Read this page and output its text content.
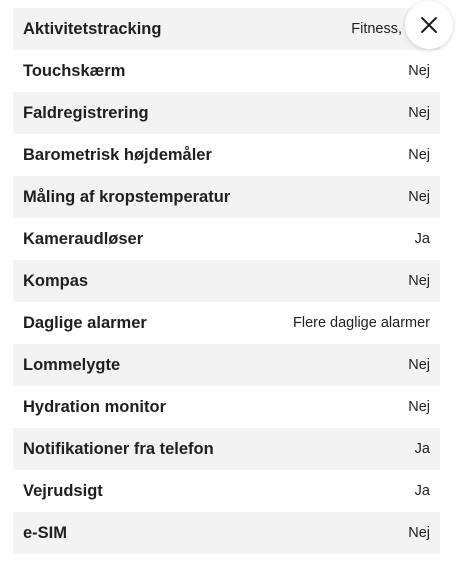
Aktivitetstracking	Fitness,
Touchskærm	Nej
Faldregistrering	Nej
Barometrisk højdemåler	Nej
Måling af kropstemperatur	Nej
Kameraudløser	Ja
Kompas	Nej
Daglige alarmer	Flere daglige alarmer
Lommelygte	Nej
Hydration monitor	Nej
Notifikationer fra telefon	Ja
Vejrudsigt	Ja
e-SIM	Nej
